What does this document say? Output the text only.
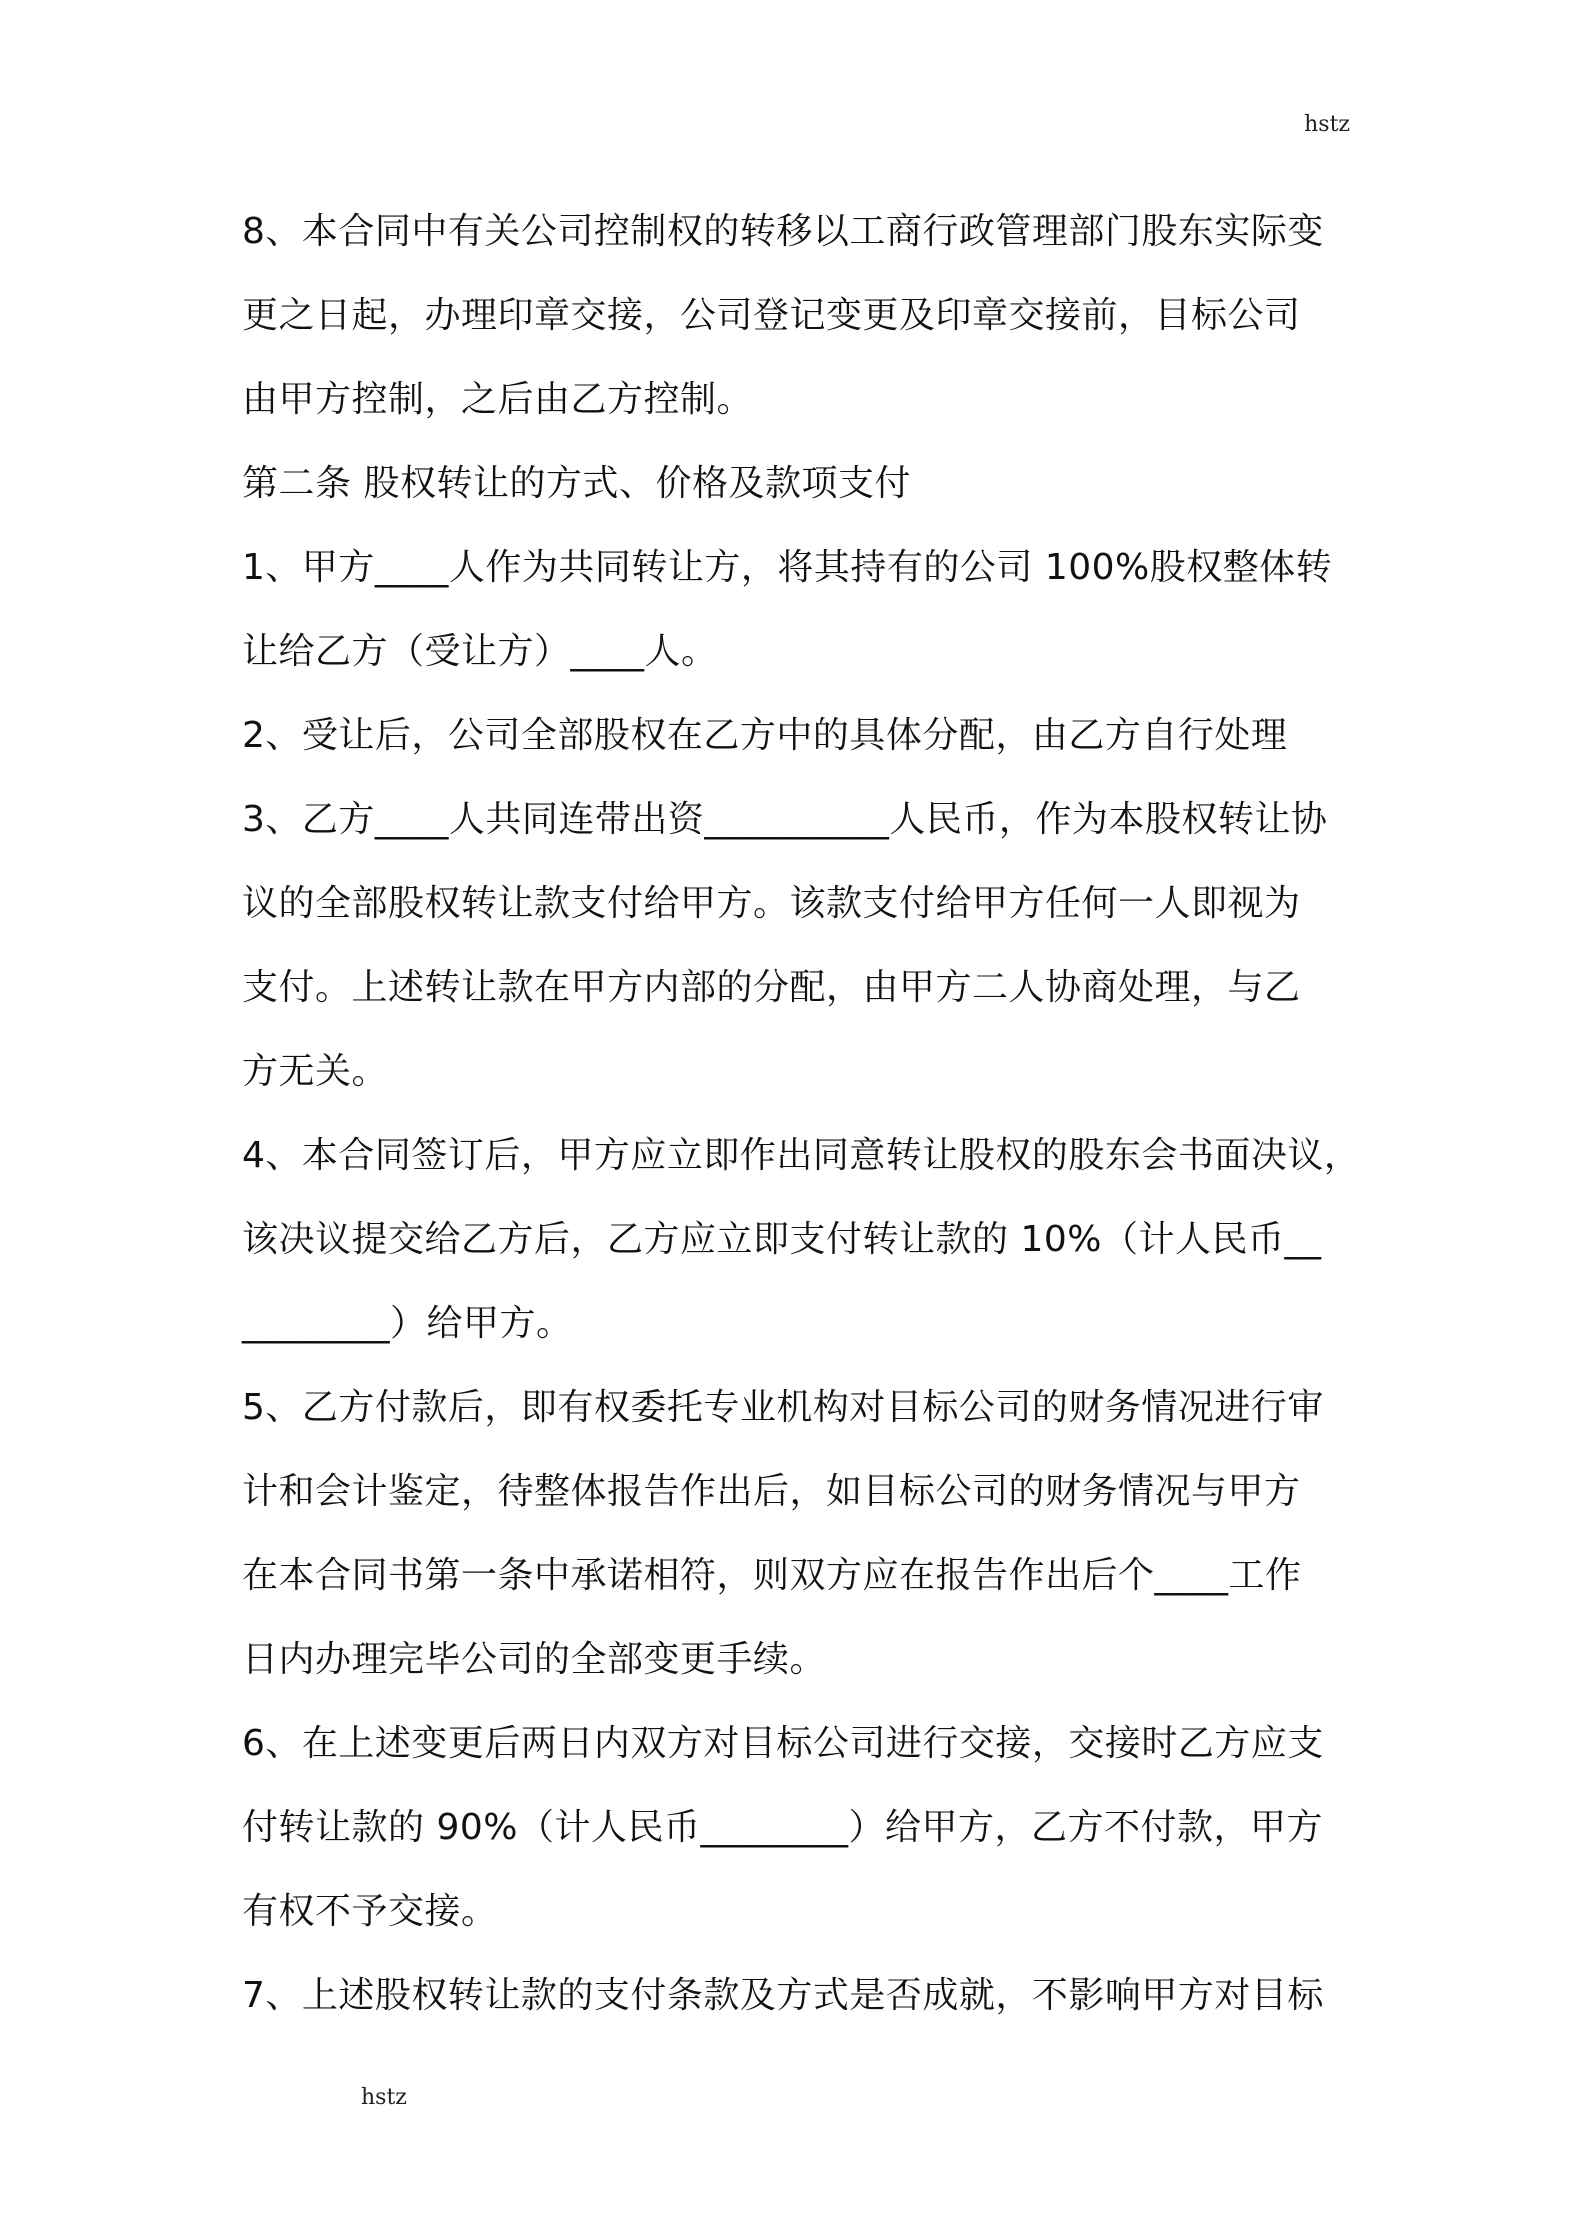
hstz

8、本合同中有关公司控制权的转移以工商行政管理部门股东实际变

更之日起，办理印章交接，公司登记变更及印章交接前，目标公司

由甲方控制，之后由乙方控制。

第二条 股权转让的方式、价格及款项支付

1、甲方____人作为共同转让方，将其持有的公司 100%股权整体转

让给乙方（受让方）____人。

2、受让后，公司全部股权在乙方中的具体分配，由乙方自行处理

3、乙方____人共同连带出资__________人民币，作为本股权转让协

议的全部股权转让款支付给甲方。该款支付给甲方任何一人即视为

支付。上述转让款在甲方内部的分配，由甲方二人协商处理，与乙

方无关。

4、本合同签订后，甲方应立即作出同意转让股权的股东会书面决议，

该决议提交给乙方后，乙方应立即支付转让款的 10%（计人民币__

________）给甲方。

5、乙方付款后，即有权委托专业机构对目标公司的财务情况进行审

计和会计鉴定，待整体报告作出后，如目标公司的财务情况与甲方

在本合同书第一条中承诺相符，则双方应在报告作出后个____工作

日内办理完毕公司的全部变更手续。

6、在上述变更后两日内双方对目标公司进行交接，交接时乙方应支

付转让款的 90%（计人民币________）给甲方，乙方不付款，甲方

有权不予交接。

7、上述股权转让款的支付条款及方式是否成就，不影响甲方对目标

hstz
